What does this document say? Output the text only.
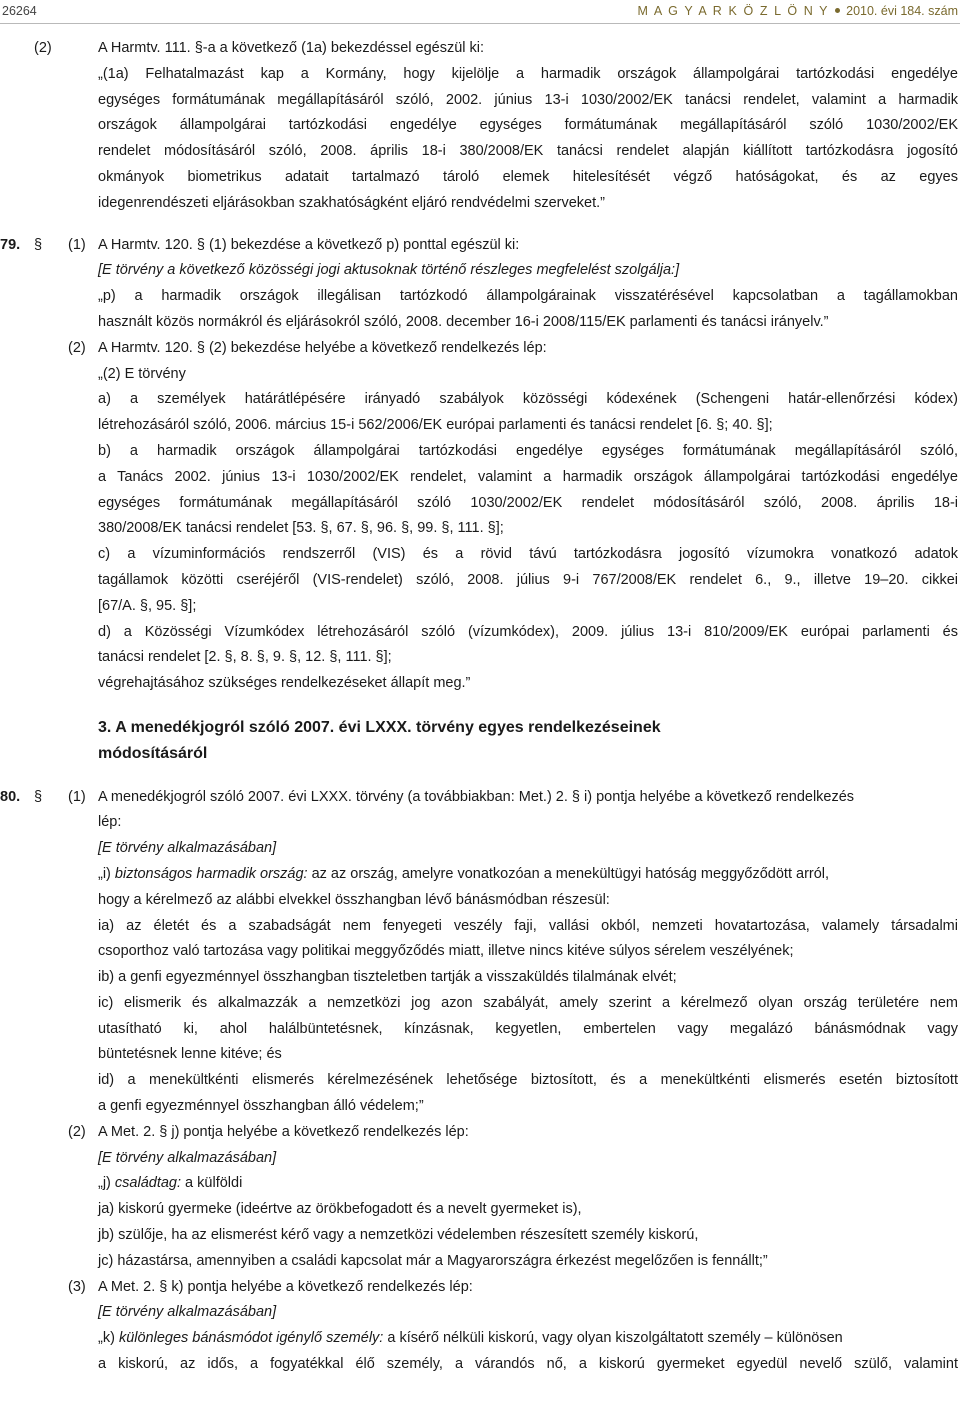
26264	M A G Y A R K Ö Z L Ö N Y 2010. évi 184. szám
(2)	A Harmtv. 111. §-a a következő (1a) bekezdéssel egészül ki:
„(1a) Felhatalmazást kap a Kormány, hogy kijelölje a harmadik országok állampolgárai tartózkodási engedélye
egységes formátumának megállapításáról szóló, 2002. június 13-i 1030/2002/EK tanácsi rendelet, valamint a harmadik
országok állampolgárai tartózkodási engedélye egységes formátumának megállapításáról szóló 1030/2002/EK
rendelet módosításáról szóló, 2008. április 18-i 380/2008/EK tanácsi rendelet alapján kiállított tartózkodásra jogosító
okmányok biometrikus adatait tartalmazó tároló elemek hitelesítését végző hatóságokat, és az egyes
idegenrendészeti eljárásokban szakhatóságként eljáró rendvédelmi szerveket.”
79. § (1) A Harmtv. 120. § (1) bekezdése a következő p) ponttal egészül ki:
[E törvény a következő közösségi jogi aktusoknak történő részleges megfelelést szolgálja:]
„p) a harmadik országok illegálisan tartózkodó állampolgárainak visszatérésével kapcsolatban a tagállamokban
használt közös normákról és eljárásokról szóló, 2008. december 16-i 2008/115/EK parlamenti és tanácsi irányelv.”
(2) A Harmtv. 120. § (2) bekezdése helyébe a következő rendelkezés lép:
„(2) E törvény
a) a személyek határátlépésére irányadó szabályok közösségi kódexének (Schengeni határ-ellenőrzési kódex)
létrehozásáról szóló, 2006. március 15-i 562/2006/EK európai parlamenti és tanácsi rendelet [6. §; 40. §];
b) a harmadik országok állampolgárai tartózkodási engedélye egységes formátumának megállapításáról szóló,
a Tanács 2002. június 13-i 1030/2002/EK rendelet, valamint a harmadik országok állampolgárai tartózkodási engedélye
egységes formátumának megállapításáról szóló 1030/2002/EK rendelet módosításáról szóló, 2008. április 18-i
380/2008/EK tanácsi rendelet [53. §, 67. §, 96. §, 99. §, 111. §];
c) a vízuminformációs rendszerről (VIS) és a rövid távú tartózkodásra jogosító vízumokra vonatkozó adatok
tagállamok közötti cseréjéről (VIS-rendelet) szóló, 2008. július 9-i 767/2008/EK rendelet 6., 9., illetve 19–20. cikkei
[67/A. §, 95. §];
d) a Közösségi Vízumkódex létrehozásáról szóló (vízumkódex), 2009. július 13-i 810/2009/EK európai parlamenti és
tanácsi rendelet [2. §, 8. §, 9. §, 12. §, 111. §];
végrehajtásához szükséges rendelkezéseket állapít meg.”
3. A menedékjogról szóló 2007. évi LXXX. törvény egyes rendelkezéseinek
módosításáról
80. § (1) A menedékjogról szóló 2007. évi LXXX. törvény (a továbbiakban: Met.) 2. § i) pontja helyébe a következő rendelkezés
lép:
[E törvény alkalmazásában]
„i) biztonságos harmadik ország: az az ország, amelyre vonatkozóan a menekültügyi hatóság meggyőződött arról,
hogy a kérelmező az alábbi elvekkel összhangban lévő bánásmódban részesül:
ia) az életét és a szabadságát nem fenyegeti veszély faji, vallási okból, nemzeti hovatartozása, valamely társadalmi
csoporthoz való tartozása vagy politikai meggyőződés miatt, illetve nincs kitéve súlyos sérelem veszélyének;
ib) a genfi egyezménnyel összhangban tiszteletben tartják a visszaküldés tilalmának elvét;
ic) elismerik és alkalmazzák a nemzetközi jog azon szabályát, amely szerint a kérelmező olyan ország területére nem
utasítható ki, ahol halálbüntetésnek, kínzásnak, kegyetlen, embertelen vagy megalázó bánásmódnak vagy
büntetésnek lenne kitéve; és
id) a menekültkénti elismerés kérelmezésének lehetősége biztosított, és a menekültkénti elismerés esetén biztosított
a genfi egyezménnyel összhangban álló védelem;”
(2) A Met. 2. § j) pontja helyébe a következő rendelkezés lép:
[E törvény alkalmazásában]
„j) családtag: a külföldi
ja) kiskorú gyermeke (ideértve az örökbefogadott és a nevelt gyermeket is),
jb) szülője, ha az elismerést kérő vagy a nemzetközi védelemben részesített személy kiskorú,
jc) házastársa, amennyiben a családi kapcsolat már a Magyarországra érkezést megelőzően is fennállt;”
(3) A Met. 2. § k) pontja helyébe a következő rendelkezés lép:
[E törvény alkalmazásában]
„k) különleges bánásmódot igénylő személy: a kísérő nélküli kiskorú, vagy olyan kiszolgáltatott személy – különösen
a kiskorú, az idős, a fogyatékkal élő személy, a várandós nő, a kiskorú gyermeket egyedül nevelő szülő, valamint
